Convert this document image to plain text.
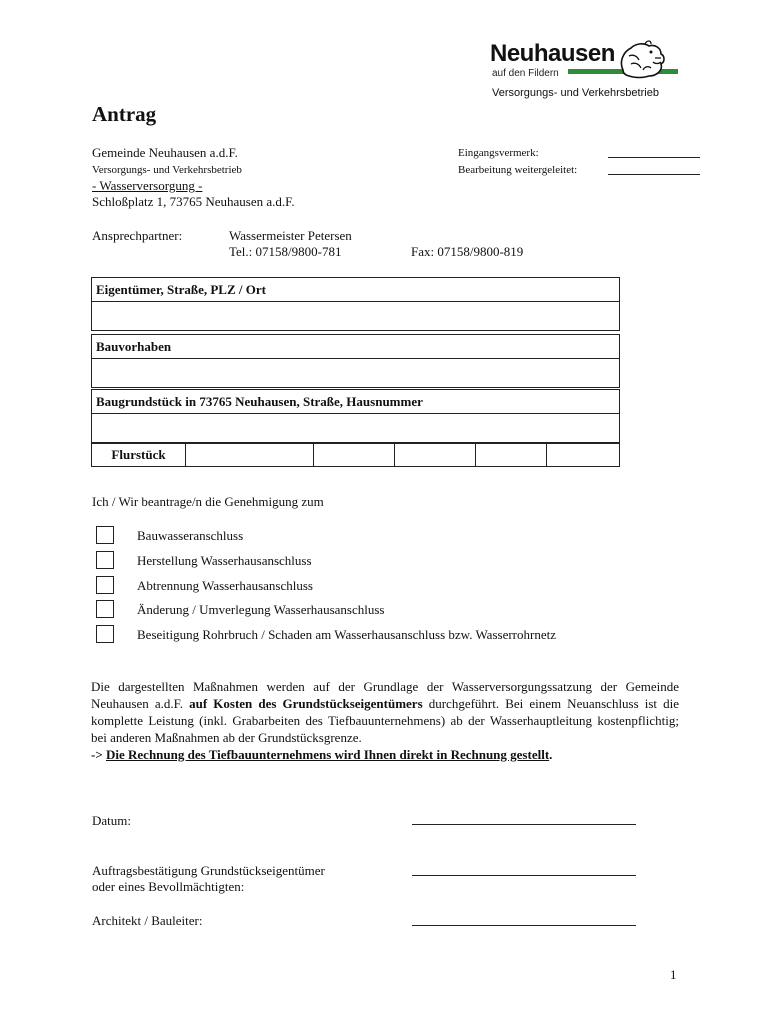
Neuhausen
auf den Fildern
Versorgungs- und Verkehrsbetrieb
Antrag
Gemeinde Neuhausen a.d.F.
Versorgungs- und Verkehrsbetrieb
- Wasserversorgung -
Schloßplatz 1, 73765 Neuhausen a.d.F.
Eingangsvermerk:
Bearbeitung weitergeleitet:
Ansprechpartner:	Wassermeister Petersen
Tel.: 07158/9800-781	Fax: 07158/9800-819
Eigentümer, Straße, PLZ / Ort
Bauvorhaben
Baugrundstück in 73765 Neuhausen, Straße, Hausnummer
Flurstück					
Ich / Wir beantrage/n die Genehmigung zum
Bauwasseranschluss
Herstellung Wasserhausanschluss
Abtrennung Wasserhausanschluss
Änderung / Umverlegung Wasserhausanschluss
Beseitigung Rohrbruch / Schaden am Wasserhausanschluss bzw. Wasserrohrnetz
Die dargestellten Maßnahmen werden auf der Grundlage der Wasserversorgungssatzung der Gemeinde Neuhausen a.d.F. auf Kosten des Grundstückseigentümers durchgeführt. Bei einem Neuanschluss ist die komplette Leistung (inkl. Grabarbeiten des Tiefbauunternehmens) ab der Wasserhauptleitung kostenpflichtig; bei anderen Maßnahmen ab der Grundstücksgrenze.
-> Die Rechnung des Tiefbauunternehmens wird Ihnen direkt in Rechnung gestellt.
Datum:
Auftragsbestätigung Grundstückseigentümer
oder eines Bevollmächtigten:
Architekt / Bauleiter:
1
